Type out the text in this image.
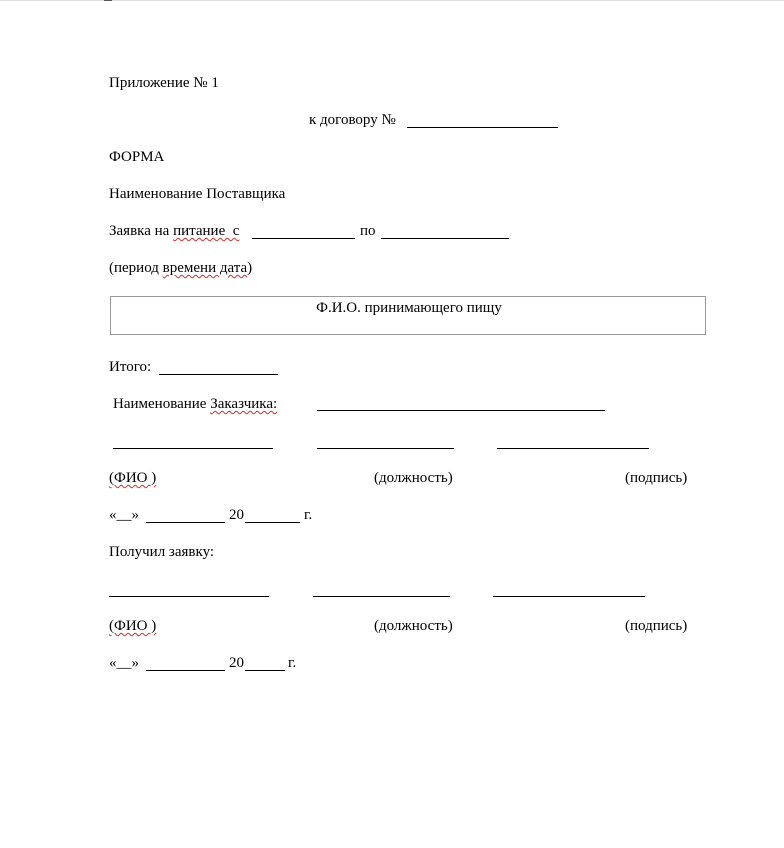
Приложение № 1
к договору №
ФОРМА
Наименование Поставщика
Заявка на питание  с	по
(период времени дата)
Ф.И.О. принимающего пищу
Итого:
Наименование Заказчика:
(ФИО )	(должность)	(подпись)
«__»	20	г.
Получил заявку:
(ФИО )	(должность)	(подпись)
«__»	20	г.
